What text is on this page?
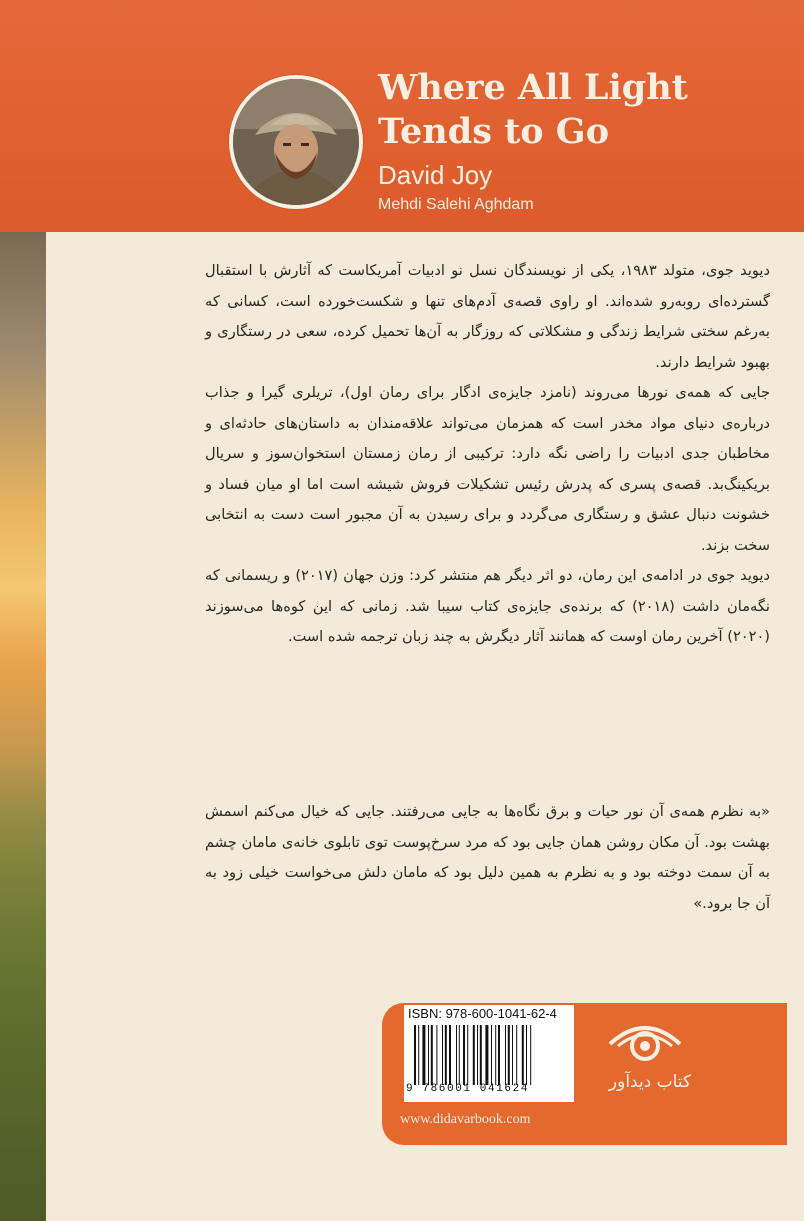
Where All Light Tends to Go
David Joy
Mehdi Salehi Aghdam

دیوید جوی، متولد ۱۹۸۳، یکی از نویسندگان نسل نو ادبیات آمریکاست که آثارش با استقبال گسترده‌ای روبه‌رو شده‌اند. او راوی قصه‌ی آدم‌های تنها و شکست‌خورده است، کسانی که به‌رغم سختی شرایط زندگی و مشکلاتی که روزگار به آن‌ها تحمیل کرده، سعی در رستگاری و بهبود شرایط دارند.

جایی که همه‌ی نورها می‌روند (نامزد جایزه‌ی ادگار برای رمان اول)، تریلری گیرا و جذاب درباره‌ی دنیای مواد مخدر است که همزمان می‌تواند علاقه‌مندان به داستان‌های حادثه‌ای و مخاطبان جدی ادبیات را راضی نگه دارد: ترکیبی از رمان زمستان استخوان‌سوز و سریال بریکینگ‌بد. قصه‌ی پسری که پدرش رئیس تشکیلات فروش شیشه است اما او میان فساد و خشونت دنبال عشق و رستگاری می‌گردد و برای رسیدن به آن مجبور است دست به انتخابی سخت بزند.

دیوید جوی در ادامه‌ی این رمان، دو اثر دیگر هم منتشر کرد: وزن جهان (۲۰۱۷) و ریسمانی که نگه‌مان داشت (۲۰۱۸) که برنده‌ی جایزه‌ی کتاب سیبا شد. زمانی که این کوه‌ها می‌سوزند (۲۰۲۰) آخرین رمان اوست که همانند آثار دیگرش به چند زبان ترجمه شده است.

«به نظرم همه‌ی آن نور حیات و برق نگاه‌ها به جایی می‌رفتند. جایی که خیال می‌کنم اسمش بهشت بود. آن مکان روشن همان جایی بود که مرد سرخ‌پوست توی تابلوی خانه‌ی مامان چشم به آن سمت دوخته بود و به نظرم به همین دلیل بود که مامان دلش می‌خواست خیلی زود به آن جا برود.»

ISBN: 978-600-1041-62-4
9 786001 041624
www.didavarbook.com
کتاب دیدآور
